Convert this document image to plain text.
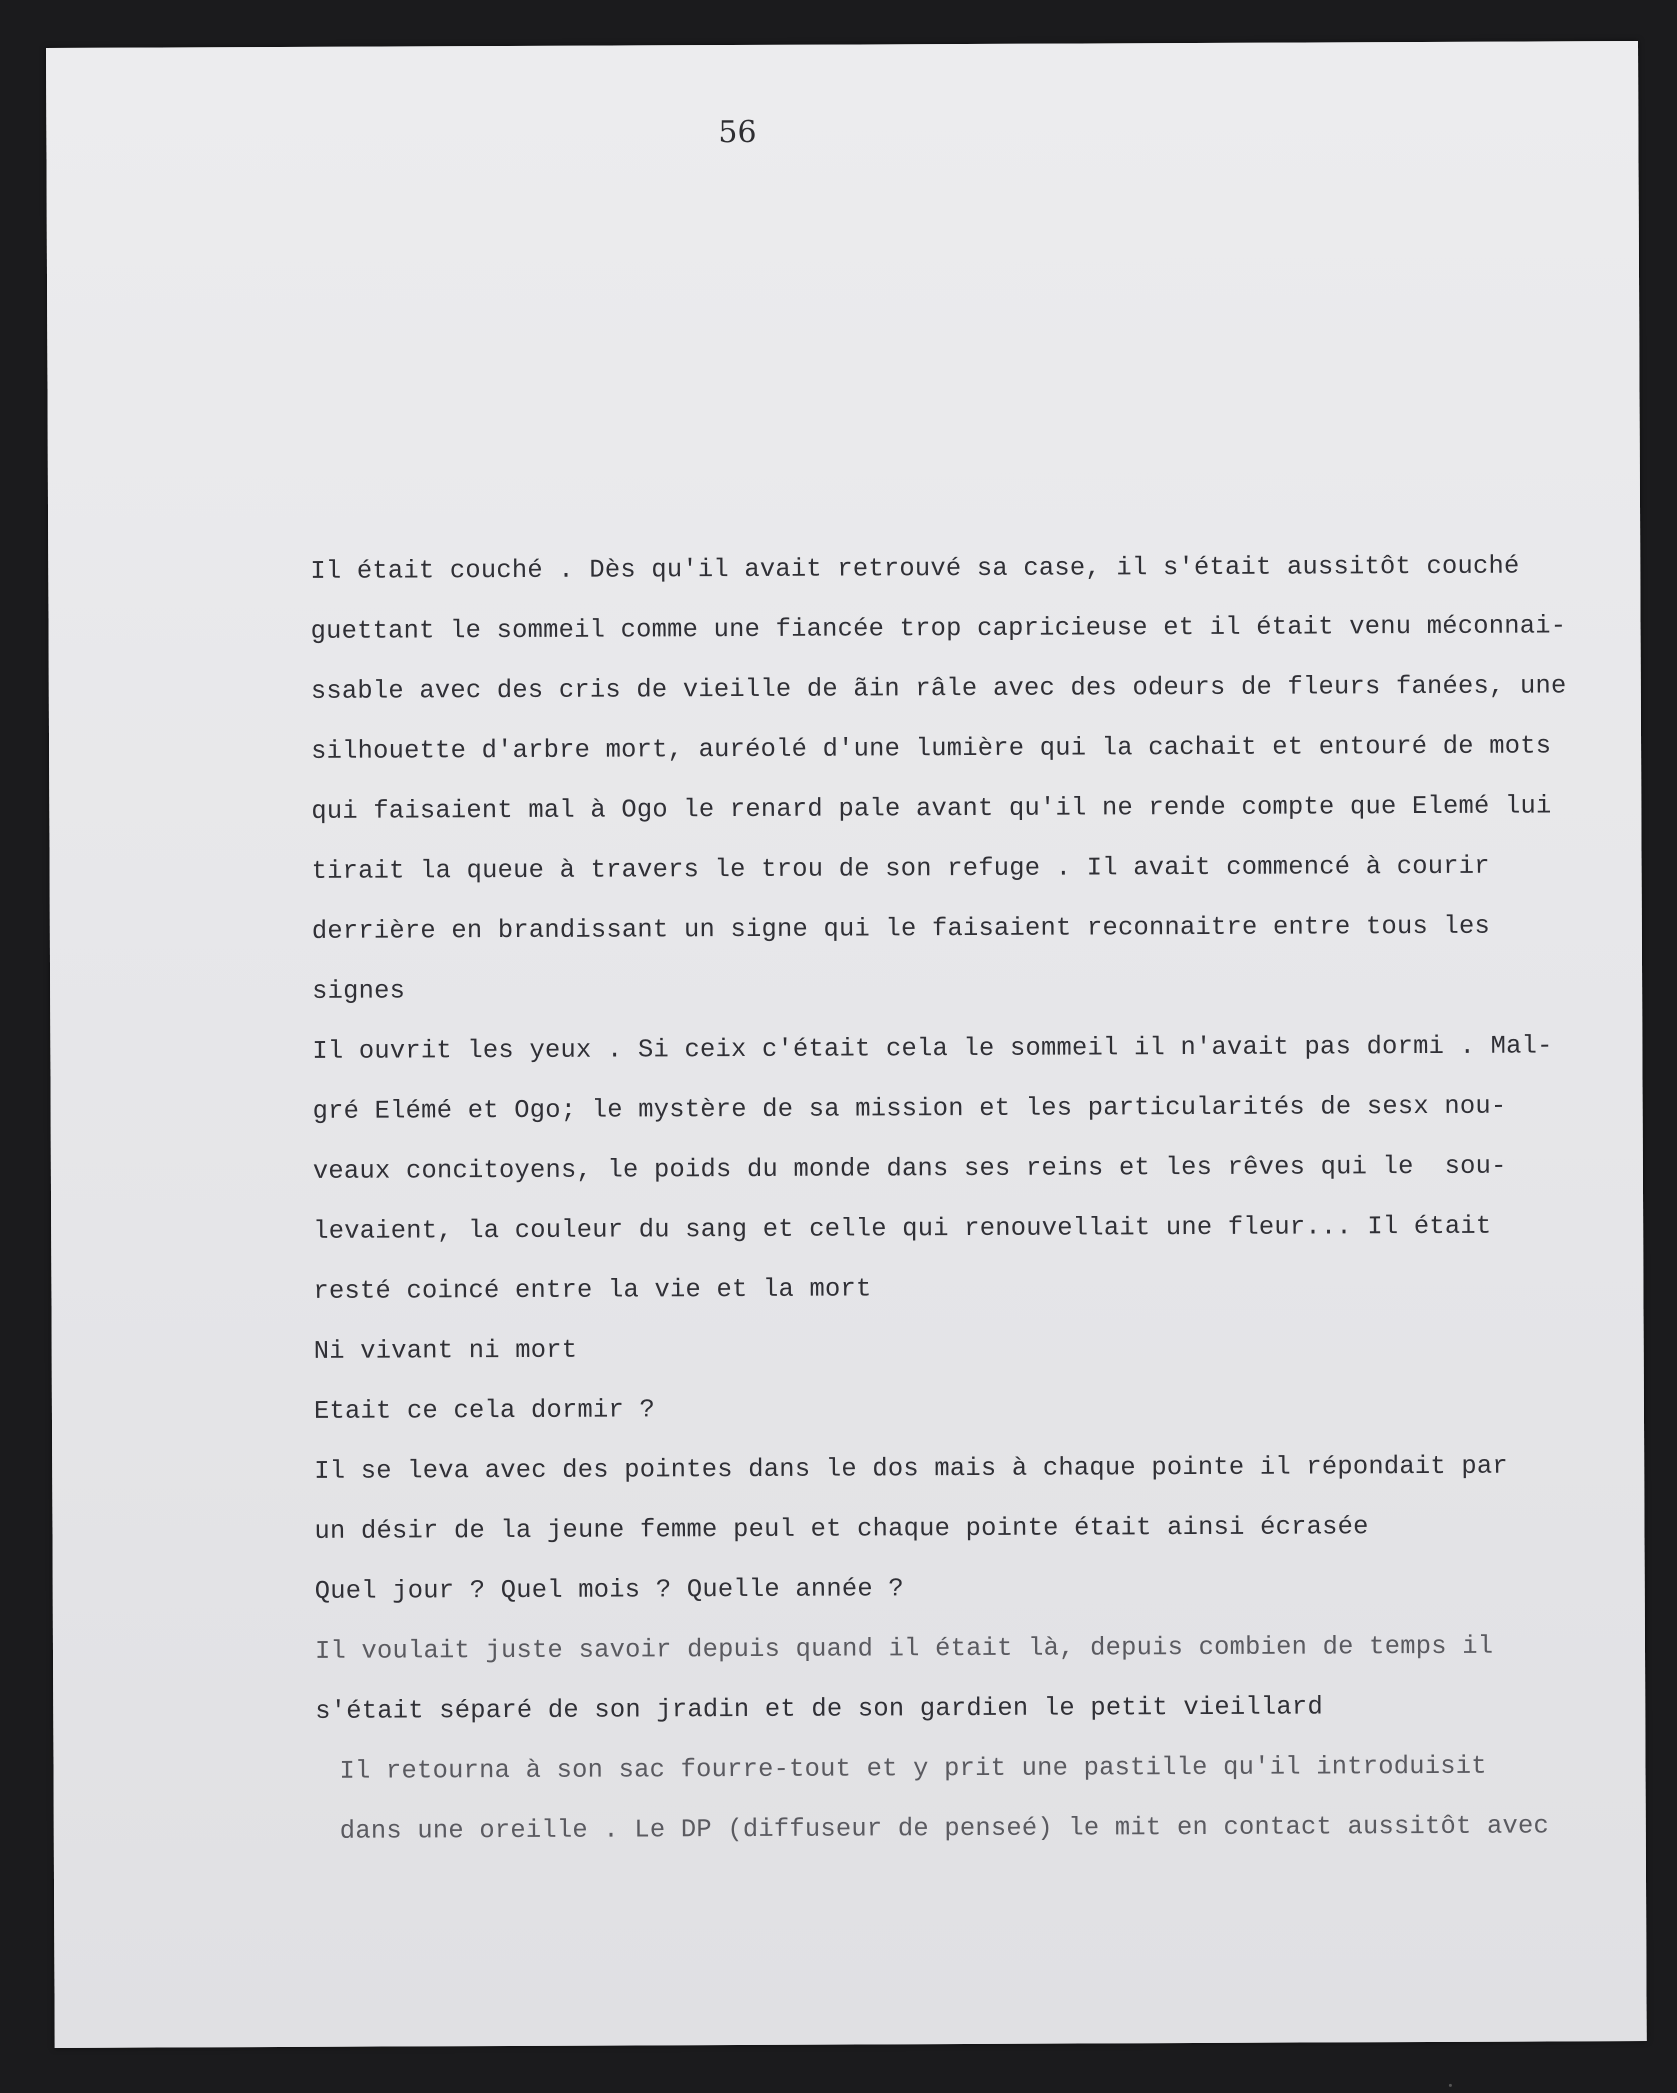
56
Il était couché . Dès qu'il avait retrouvé sa case, il s'était aussitôt couché
guettant le sommeil comme une fiancée trop capricieuse et il était venu méconnai-
ssable avec des cris de vieille de ãin râle avec des odeurs de fleurs fanées, une
silhouette d'arbre mort, auréolé d'une lumière qui la cachait et entouré de mots
qui faisaient mal à Ogo le renard pale avant qu'il ne rende compte que Elemé lui
tirait la queue à travers le trou de son refuge . Il avait commencé à courir
derrière en brandissant un signe qui le faisaient reconnaitre entre tous les
signes
Il ouvrit les yeux . Si ceix c'était cela le sommeil il n'avait pas dormi . Mal-
gré Elémé et Ogo; le mystère de sa mission et les particularités de sesx nou-
veaux concitoyens, le poids du monde dans ses reins et les rêves qui le  sou-
levaient, la couleur du sang et celle qui renouvellait une fleur... Il était
resté coincé entre la vie et la mort
Ni vivant ni mort
Etait ce cela dormir ?
Il se leva avec des pointes dans le dos mais à chaque pointe il répondait par
un désir de la jeune femme peul et chaque pointe était ainsi écrasée
Quel jour ? Quel mois ? Quelle année ?
Il voulait juste savoir depuis quand il était là, depuis combien de temps il
s'était séparé de son jradin et de son gardien le petit vieillard
Il retourna à son sac fourre-tout et y prit une pastille qu'il introduisit
dans une oreille . Le DP (diffuseur de penseé) le mit en contact aussitôt avec
